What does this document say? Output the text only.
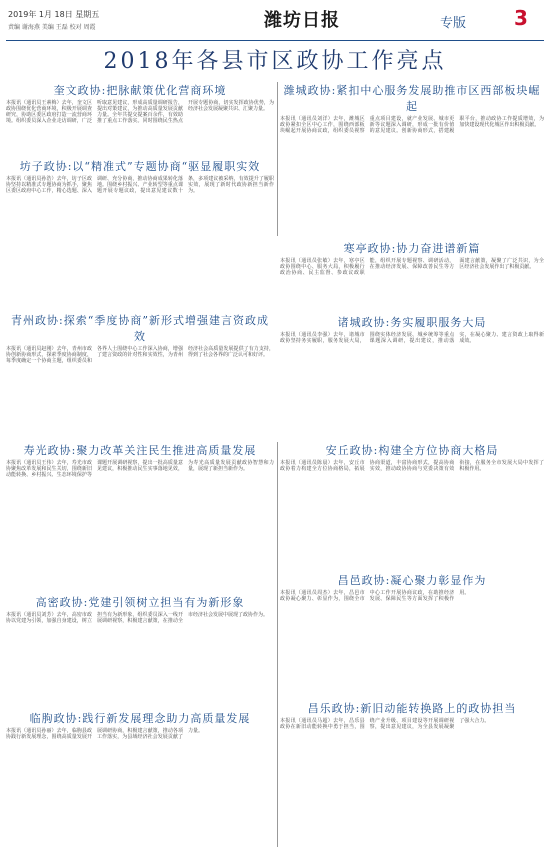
2019年 1月 18日 星期五
责编 谢海燕 美编 王磊 校对 周霞	潍坊日报	专版 3
2018年各县市区政协工作亮点
奎文政协:把脉献策优化营商环境
本报讯（通讯员王素梅）去年，奎文区政协围绕优化营商环境，积极开展调查研究，协助区委区政府打造一流营商环境。组织委员深入企业走访调研，广泛听取意见建议，形成高质量调研报告，提出对策建议，为推动高质量发展贡献力量。全年共提交提案百余件，有效助推了重点工作落实。同时围绕民生热点开展专题协商，切实发挥政协优势，为经济社会发展凝聚共识、汇聚力量。
潍城政协:紧扣中心服务发展助推市区西部板块崛起
本报讯（通讯员刘洋）去年，潍城区政协紧扣全区中心工作，围绕西部板块崛起开展协商议政，组织委员视察重点项目建设，就产业发展、城市更新等议题深入调研，形成一批有价值的意见建议。创新协商形式，搭建履职平台，推动政协工作提质增效，为加快建设现代化城区作出积极贡献。
坊子政协:以“精准式”专题协商“驱显履职实效
本报讯（通讯员孙浩）去年，坊子区政协坚持以精准式专题协商为抓手，聚焦区委区政府中心工作，精心选题、深入调研、充分协商，推动协商成果转化落地。围绕乡村振兴、产业转型等重点课题开展专题议政，提出意见建议数十条，多项建议被采纳，有效提升了履职实效，展现了新时代政协新担当新作为。
寒亭政协:协力奋进谱新篇
本报讯（通讯员张敏）去年，寒亭区政协围绕中心、服务大局，积极履行政治协商、民主监督、参政议政职能，组织开展专题视察、调研活动，在推动经济发展、保障改善民生等方面建言献策，凝聚了广泛共识，为全区经济社会发展作出了积极贡献。
青州政协:探索“季度协商”新形式增强建言资政成效
本报讯（通讯员赵刚）去年，青州市政协创新协商形式，探索季度协商制度，每季度确定一个协商主题，组织委员和各界人士围绕中心工作深入协商，增强了建言资政的针对性和实效性，为青州经济社会高质量发展提供了有力支持，得到了社会各界的广泛认可和好评。
诸城政协:务实履职服务大局
本报讯（通讯员李强）去年，诸城市政协坚持务实履职，服务发展大局，围绕实体经济发展、城乡统筹等重点课题深入调研，提出建议，推动落实，在凝心聚力、建言资政上取得新成效。
寿光政协:聚力改革关注民生推进高质量发展
本报讯（通讯员王伟）去年，寿光市政协聚焦改革发展和民生关切，围绕新旧动能转换、乡村振兴、生态环境保护等课题开展调研视察，提出一批高质量意见建议，积极推动民生实事落地见效，为寿光高质量发展贡献政协智慧和力量，展现了新担当新作为。
安丘政协:构建全方位协商大格局
本报讯（通讯员陈晨）去年，安丘市政协着力构建全方位协商格局，拓展协商渠道，丰富协商形式，提高协商实效，推动政协协商与党委决策有效衔接，在服务全市发展大局中发挥了积极作用。
高密政协:党建引领树立担当有为新形象
本报讯（通讯员刘芳）去年，高密市政协以党建为引领，加强自身建设，树立担当有为新形象，组织委员深入一线开展调研视察，积极建言献策，在推动全市经济社会发展中展现了政协作为。
昌邑政协:凝心聚力彰显作为
本报讯（通讯员周杰）去年，昌邑市政协凝心聚力、彰显作为，围绕全市中心工作开展协商议政，在助推经济发展、保障民生等方面发挥了积极作用。
临朐政协:践行新发展理念助力高质量发展
本报讯（通讯员孙丽）去年，临朐县政协践行新发展理念，围绕高质量发展开展调研协商，积极建言献策，推动各项工作落实，为县域经济社会发展贡献了力量。
昌乐政协:新旧动能转换路上的政协担当
本报讯（通讯员马超）去年，昌乐县政协在新旧动能转换中勇于担当，围绕产业升级、项目建设等开展调研视察，提出意见建议，为全县发展凝聚了强大合力。
